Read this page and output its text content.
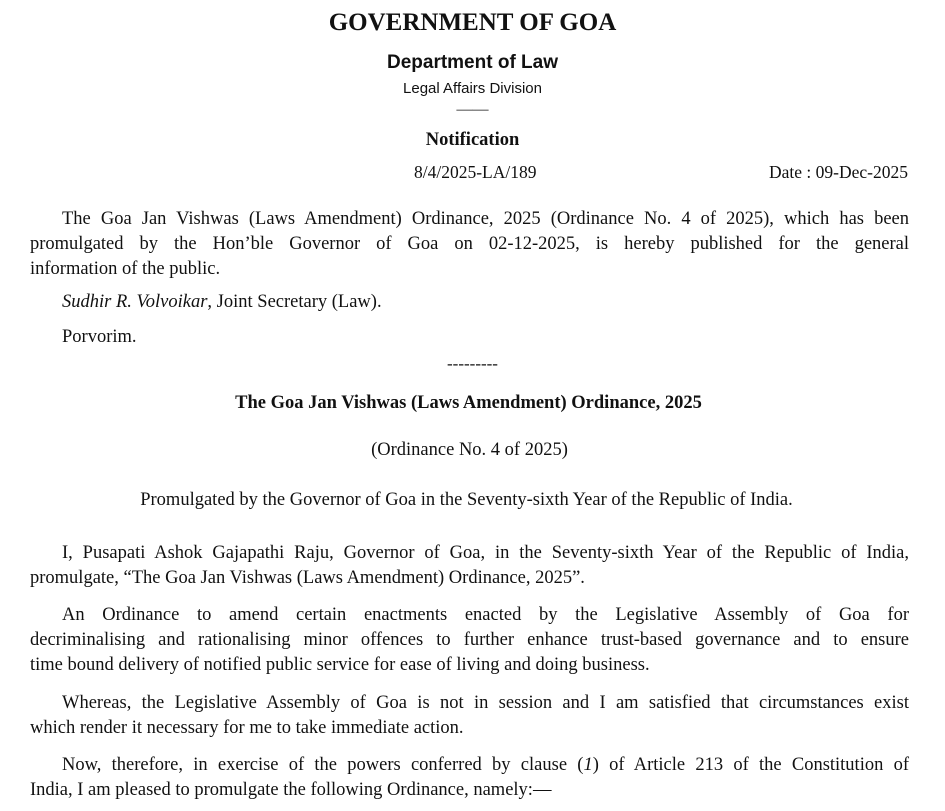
GOVERNMENT OF GOA
Department of Law
Legal Affairs Division
——
Notification
8/4/2025-LA/189	Date : 09-Dec-2025
The Goa Jan Vishwas (Laws Amendment) Ordinance, 2025 (Ordinance No. 4 of 2025), which has been
promulgated by the Hon’ble Governor of Goa on 02-12-2025, is hereby published for the general
information of the public.
Sudhir R. Volvoikar, Joint Secretary (Law).
Porvorim.
---------
The Goa Jan Vishwas (Laws Amendment) Ordinance, 2025
(Ordinance No. 4 of 2025)
Promulgated by the Governor of Goa in the Seventy-sixth Year of the Republic of India.
I, Pusapati Ashok Gajapathi Raju, Governor of Goa, in the Seventy-sixth Year of the Republic of India,
promulgate, “The Goa Jan Vishwas (Laws Amendment) Ordinance, 2025”.
An Ordinance to amend certain enactments enacted by the Legislative Assembly of Goa for
decriminalising and rationalising minor offences to further enhance trust-based governance and to ensure
time bound delivery of notified public service for ease of living and doing business.
Whereas, the Legislative Assembly of Goa is not in session and I am satisfied that circumstances exist
which render it necessary for me to take immediate action.
Now, therefore, in exercise of the powers conferred by clause (1) of Article 213 of the Constitution of
India, I am pleased to promulgate the following Ordinance, namely:—
